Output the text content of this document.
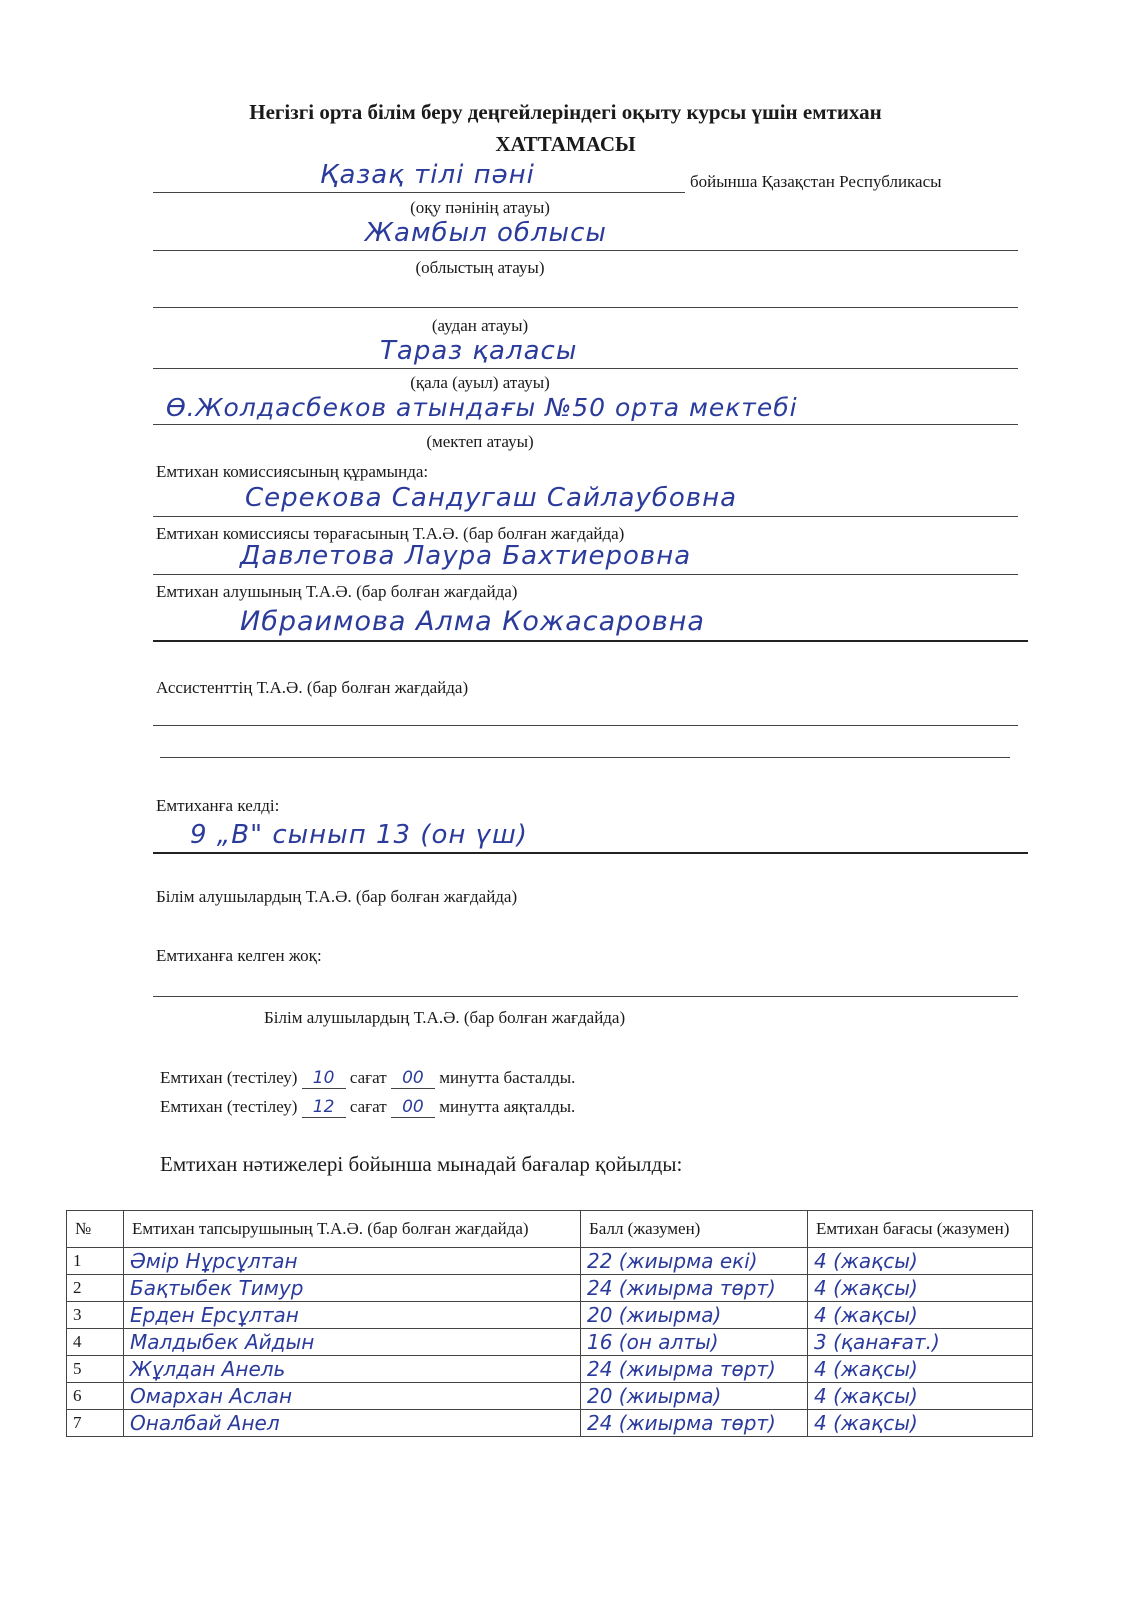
Негізгі орта білім беру деңгейлеріндегі оқыту курсы үшін емтихан
ХАТТАМАСЫ
Қазақ тілі пәні	бойынша Қазақстан Республикасы
(оқу пәнінің атауы)
Жамбыл облысы
(облыстың атауы)
(аудан атауы)
Тараз қаласы
(қала (ауыл) атауы)
Ө.Жолдасбеков атындағы №50 орта мектебі
(мектеп атауы)
Емтихан комиссиясының құрамында:
Серекова Сандугаш Сайлаубовна
Емтихан комиссиясы төрағасының Т.А.Ә. (бар болған жағдайда)
Давлетова Лаура Бахтиеровна
Емтихан алушының Т.А.Ә. (бар болған жағдайда)
Ибраимова Алма Кожасаровна
Ассистенттің Т.А.Ә. (бар болған жағдайда)
Емтиханға келді:
9 „В" сынып 13 (он үш)
Білім алушылардың Т.А.Ә. (бар болған жағдайда)
Емтиханға келген жоқ:
Білім алушылардың Т.А.Ә. (бар болған жағдайда)
Емтихан (тестілеу) 10 сағат 00 минутта басталды.
Емтихан (тестілеу) 12 сағат 00 минутта аяқталды.
Емтихан нәтижелері бойынша мынадай бағалар қойылды:
№	Емтихан тапсырушының Т.А.Ә. (бар болған жағдайда)	Балл (жазумен)	Емтихан бағасы (жазумен)
1	Әмір Нұрсұлтан	22 (жиырма екі)	4 (жақсы)
2	Бақтыбек Тимур	24 (жиырма төрт)	4 (жақсы)
3	Ерден Ерсұлтан	20 (жиырма)	4 (жақсы)
4	Малдыбек Айдын	16 (он алты)	3 (қанағат.)
5	Жұлдан Анель	24 (жиырма төрт)	4 (жақсы)
6	Омархан Аслан	20 (жиырма)	4 (жақсы)
7	Оналбай Анел	24 (жиырма төрт)	4 (жақсы)
